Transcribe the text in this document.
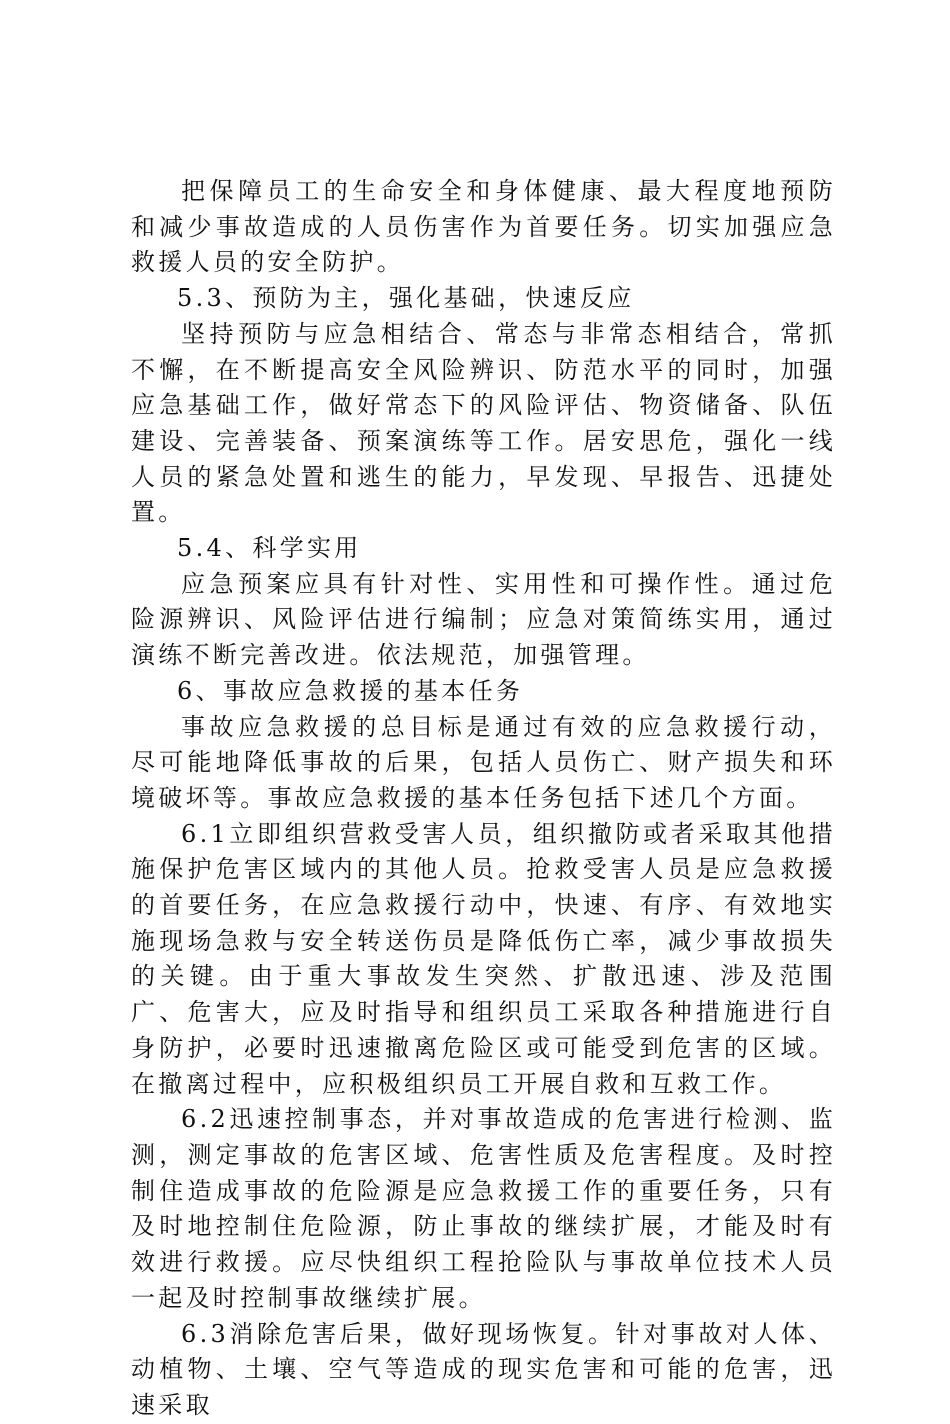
把保障员工的生命安全和身体健康、最大程度地预防和减少事故造成的人员伤害作为首要任务。切实加强应急救援人员的安全防护。

5.3、预防为主，强化基础，快速反应

坚持预防与应急相结合、常态与非常态相结合，常抓不懈，在不断提高安全风险辨识、防范水平的同时，加强应急基础工作，做好常态下的风险评估、物资储备、队伍建设、完善装备、预案演练等工作。居安思危，强化一线人员的紧急处置和逃生的能力，早发现、早报告、迅捷处置。

5.4、科学实用

应急预案应具有针对性、实用性和可操作性。通过危险源辨识、风险评估进行编制；应急对策简练实用，通过演练不断完善改进。依法规范，加强管理。

6、事故应急救援的基本任务

事故应急救援的总目标是通过有效的应急救援行动，尽可能地降低事故的后果，包括人员伤亡、财产损失和环境破坏等。事故应急救援的基本任务包括下述几个方面。

6.1立即组织营救受害人员，组织撤防或者采取其他措施保护危害区域内的其他人员。抢救受害人员是应急救援的首要任务，在应急救援行动中，快速、有序、有效地实施现场急救与安全转送伤员是降低伤亡率，减少事故损失的关键。由于重大事故发生突然、扩散迅速、涉及范围广、危害大，应及时指导和组织员工采取各种措施进行自身防护，必要时迅速撤离危险区或可能受到危害的区域。在撤离过程中，应积极组织员工开展自救和互救工作。

6.2迅速控制事态，并对事故造成的危害进行检测、监测，测定事故的危害区域、危害性质及危害程度。及时控制住造成事故的危险源是应急救援工作的重要任务，只有及时地控制住危险源，防止事故的继续扩展，才能及时有效进行救援。应尽快组织工程抢险队与事故单位技术人员一起及时控制事故继续扩展。

6.3消除危害后果，做好现场恢复。针对事故对人体、动植物、土壤、空气等造成的现实危害和可能的危害，迅速采取
